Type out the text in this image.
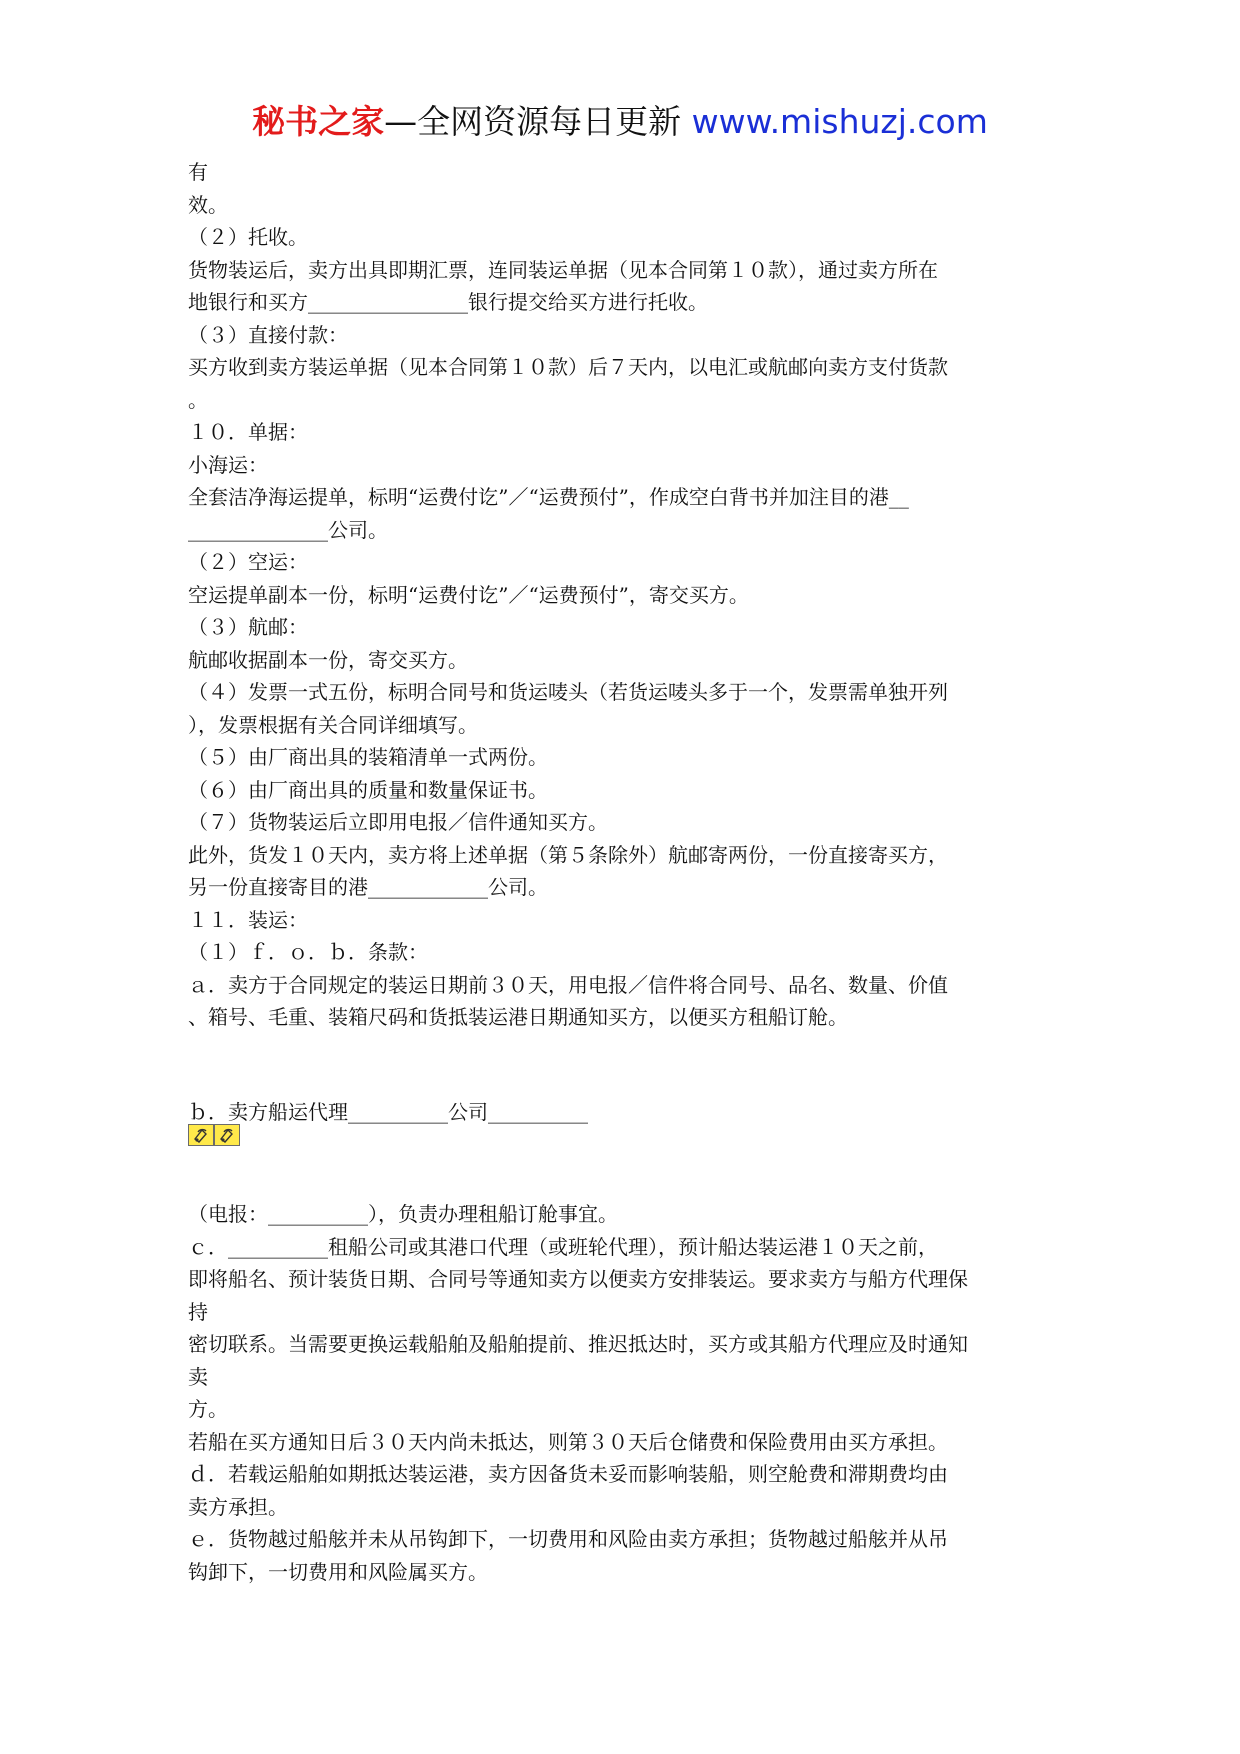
秘书之家—全网资源每日更新 www.mishuzj.com
有
效。
（２）托收。
货物装运后，卖方出具即期汇票，连同装运单据（见本合同第１０款），通过卖方所在
地银行和买方________________银行提交给买方进行托收。
（３）直接付款：
买方收到卖方装运单据（见本合同第１０款）后７天内，以电汇或航邮向卖方支付货款
。
１０．单据：
小海运：
全套洁净海运提单，标明“运费付讫”／“运费预付”，作成空白背书并加注目的港__
______________公司。
（２）空运：
空运提单副本一份，标明“运费付讫”／“运费预付”，寄交买方。
（３）航邮：
航邮收据副本一份，寄交买方。
（４）发票一式五份，标明合同号和货运唛头（若货运唛头多于一个，发票需单独开列
），发票根据有关合同详细填写。
（５）由厂商出具的装箱清单一式两份。
（６）由厂商出具的质量和数量保证书。
（７）货物装运后立即用电报／信件通知买方。
此外，货发１０天内，卖方将上述单据（第５条除外）航邮寄两份，一份直接寄买方，
另一份直接寄目的港____________公司。
１１．装运：
（１）ｆ．ｏ．ｂ．条款：
ａ．卖方于合同规定的装运日期前３０天，用电报／信件将合同号、品名、数量、价值
、箱号、毛重、装箱尺码和货抵装运港日期通知买方，以便买方租船订舱。
ｂ．卖方船运代理__________公司__________
（电报：__________），负责办理租船订舱事宜。
ｃ．__________租船公司或其港口代理（或班轮代理），预计船达装运港１０天之前，
即将船名、预计装货日期、合同号等通知卖方以便卖方安排装运。要求卖方与船方代理保
持
密切联系。当需要更换运载船舶及船舶提前、推迟抵达时，买方或其船方代理应及时通知
卖
方。
若船在买方通知日后３０天内尚未抵达，则第３０天后仓储费和保险费用由买方承担。
ｄ．若载运船舶如期抵达装运港，卖方因备货未妥而影响装船，则空舱费和滞期费均由
卖方承担。
ｅ．货物越过船舷并未从吊钩卸下，一切费用和风险由卖方承担；货物越过船舷并从吊
钩卸下，一切费用和风险属买方。
